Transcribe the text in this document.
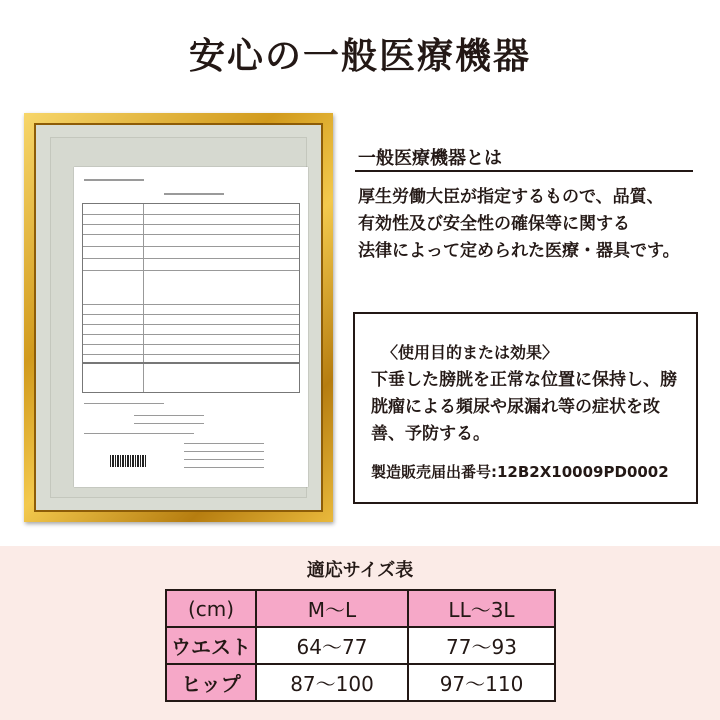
安心の一般医療機器
一般医療機器とは
厚生労働大臣が指定するもので、品質、
有効性及び安全性の確保等に関する
法律によって定められた医療・器具です。
〈使用目的または効果〉
下垂した膀胱を正常な位置に保持し、膀
胱瘤による頻尿や尿漏れ等の症状を改
善、予防する。
製造販売届出番号:12B2X10009PD0002
適応サイズ表
(cm)	M〜L	LL〜3L
ウエスト	64〜77	77〜93
ヒップ	87〜100	97〜110
